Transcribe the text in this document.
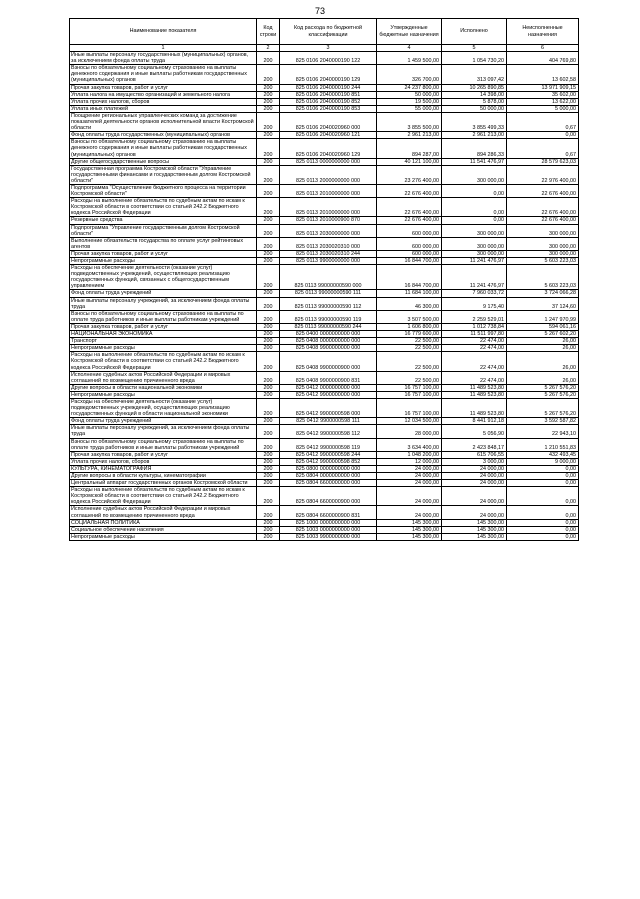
73
Наименование показателя	Код строки	Код расхода по бюджетной классификации	Утвержденные бюджетные назначения	Исполнено	Неисполненные назначения
1	2	3	4	5	6
Иные выплаты персоналу государственных (муниципальных) органов, за исключением фонда оплаты труда	200	825 0106 2040000190 122	1 459 500,00	1 054 730,20	404 769,80
Взносы по обязательному социальному страхованию на выплаты денежного содержания и иные выплаты работникам государственных (муниципальных) органов	200	825 0106 2040000190 129	326 700,00	313 097,42	13 602,58
Прочая закупка товаров, работ и услуг	200	825 0106 2040000190 244	24 237 800,00	10 265 890,85	13 971 909,15
Уплата налога на имущество организаций и земельного налога	200	825 0106 2040000190 851	50 000,00	14 398,00	35 602,00
Уплата прочих налогов, сборов	200	825 0106 2040000190 852	19 500,00	5 878,00	13 622,00
Уплата иных платежей	200	825 0106 2040000190 853	55 000,00	50 000,00	5 000,00
Поощрение региональных управленческих команд за достижение показателей деятельности органов исполнительной власти Костромской области	200	825 0106 2040020960 000	3 855 500,00	3 855 499,33	0,67
Фонд оплаты труда государственных (муниципальных) органов	200	825 0106 2040020960 121	2 961 213,00	2 961 213,00	0,00
Взносы по обязательному социальному страхованию на выплаты денежного содержания и иные выплаты работникам государственных (муниципальных) органов	200	825 0106 2040020960 129	894 287,00	894 286,33	0,67
Другие общегосударственные вопросы	200	825 0113 0000000000 000	40 121 100,00	11 541 476,97	28 579 623,03
Государственная программа Костромской области "Управление государственными финансами и государственным долгом Костромской области"	200	825 0113 2000000000 000	23 276 400,00	300 000,00	22 976 400,00
Подпрограмма "Осуществление бюджетного процесса на территории Костромской области"	200	825 0113 2010000000 000	22 676 400,00	0,00	22 676 400,00
Расходы на выполнение обязательств по судебным актам по искам к Костромской области в соответствии со статьей 242.2 Бюджетного кодекса Российской Федерации	200	825 0113 2010000000 000	22 676 400,00	0,00	22 676 400,00
Резервные средства	200	825 0113 2010000900 870	22 676 400,00	0,00	22 676 400,00
Подпрограмма "Управление государственным долгом Костромской области"	200	825 0113 2030000000 000	600 000,00	300 000,00	300 000,00
Выполнение обязательств государства по оплате услуг рейтинговых агентов	200	825 0113 2030020310 000	600 000,00	300 000,00	300 000,00
Прочая закупка товаров, работ и услуг	200	825 0113 2030020310 244	600 000,00	300 000,00	300 000,00
Непрограммные расходы	200	825 0113 9900000000 000	16 844 700,00	11 241 476,97	5 603 223,03
Расходы на обеспечение деятельности (оказание услуг) подведомственных учреждений, осуществляющих реализацию государственных функций, связанных с общегосударственным управлением	200	825 0113 99000000590 000	16 844 700,00	11 241 476,97	5 603 223,03
Фонд оплаты труда учреждений	200	825 0113 99000000590 111	11 684 100,00	7 960 033,72	3 724 066,28
Иные выплаты персоналу учреждений, за исключением фонда оплаты труда	200	825 0113 99000000590 112	46 300,00	9 175,40	37 124,60
Взносы по обязательному социальному страхованию на выплаты по оплате труда работников и иные выплаты работникам учреждений	200	825 0113 99000000590 119	3 507 500,00	2 259 529,01	1 247 970,99
Прочая закупка товаров, работ и услуг	200	825 0113 99000000590 244	1 606 800,00	1 012 738,84	594 061,16
НАЦИОНАЛЬНАЯ ЭКОНОМИКА	200	825 0400 0000000000 000	16 779 600,00	11 511 997,80	5 267 602,20
Транспорт	200	825 0408 0000000000 000	22 500,00	22 474,00	26,00
Непрограммные расходы	200	825 0408 9900000000 000	22 500,00	22 474,00	26,00
Расходы на выполнение обязательств по судебным актам по искам к Костромской области в соответствии со статьей 242.2 Бюджетного кодекса Российской Федерации	200	825 0408 9900000900 000	22 500,00	22 474,00	26,00
Исполнение судебных актов Российской Федерации и мировых соглашений по возмещению причиненного вреда	200	825 0408 9900000900 831	22 500,00	22 474,00	26,00
Другие вопросы в области национальной экономики	200	825 0412 0000000000 000	16 757 100,00	11 489 523,80	5 267 576,20
Непрограммные расходы	200	825 0412 9900000000 000	16 757 100,00	11 489 523,80	5 267 576,20
Расходы на обеспечение деятельности (оказание услуг) подведомственных учреждений, осуществляющих реализацию государственных функций в области национальной экономики	200	825 0412 9900000598 000	16 757 100,00	11 489 523,80	5 267 576,20
Фонд оплаты труда учреждений	200	825 0412 9900000598 111	12 034 500,00	8 441 912,18	3 592 587,82
Иные выплаты персоналу учреждений, за исключением фонда оплаты труда	200	825 0412 9900000598 112	28 000,00	5 056,90	22 943,10
Взносы по обязательному социальному страхованию на выплаты по оплате труда работников и иные выплаты работникам учреждений	200	825 0412 9900000598 119	3 634 400,00	2 423 848,17	1 210 551,83
Прочая закупка товаров, работ и услуг	200	825 0412 9900000598 244	1 048 200,00	615 706,55	432 493,45
Уплата прочих налогов, сборов	200	825 0412 9900000598 852	12 000,00	3 000,00	9 000,00
КУЛЬТУРА, КИНЕМАТОГРАФИЯ	200	825 0800 0000000000 000	24 000,00	24 000,00	0,00
Другие вопросы в области культуры, кинематографии	200	825 0804 0000000000 000	24 000,00	24 000,00	0,00
Центральный аппарат государственных органов Костромской области	200	825 0804 6600000000 000	24 000,00	24 000,00	0,00
Расходы на выполнение обязательств по судебным актам по искам к Костромской области в соответствии со статьей 242.2 Бюджетного кодекса Российской Федерации	200	825 0804 6600000900 000	24 000,00	24 000,00	0,00
Исполнение судебных актов Российской Федерации и мировых соглашений по возмещению причиненного вреда	200	825 0804 6600000900 831	24 000,00	24 000,00	0,00
СОЦИАЛЬНАЯ ПОЛИТИКА	200	825 1000 0000000000 000	145 300,00	145 300,00	0,00
Социальное обеспечение населения	200	825 1003 0000000000 000	145 300,00	145 300,00	0,00
Непрограммные расходы	200	825 1003 9900000000 000	145 300,00	145 300,00	0,00
